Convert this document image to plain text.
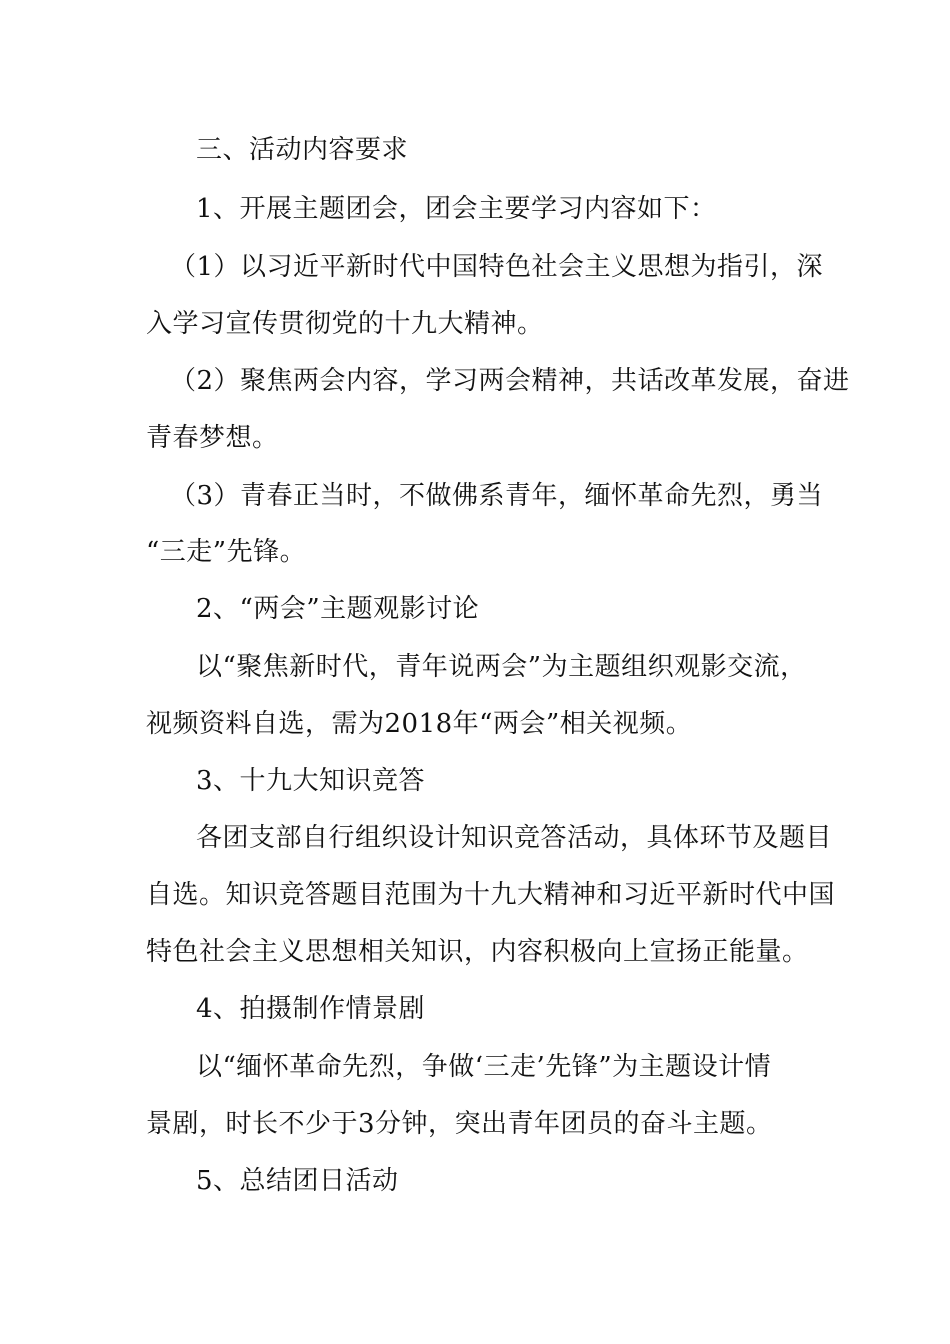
三、活动内容要求
1、开展主题团会，团会主要学习内容如下：
（1）以习近平新时代中国特色社会主义思想为指引，深
入学习宣传贯彻党的十九大精神。
（2）聚焦两会内容，学习两会精神，共话改革发展，奋进
青春梦想。
（3）青春正当时，不做佛系青年，缅怀革命先烈，勇当
“三走”先锋。
2、“两会”主题观影讨论
以“聚焦新时代，青年说两会”为主题组织观影交流，
视频资料自选，需为2018年“两会”相关视频。
3、十九大知识竞答
各团支部自行组织设计知识竞答活动，具体环节及题目
自选。知识竞答题目范围为十九大精神和习近平新时代中国
特色社会主义思想相关知识，内容积极向上宣扬正能量。
4、拍摄制作情景剧
以“缅怀革命先烈，争做‘三走’先锋”为主题设计情
景剧，时长不少于3分钟，突出青年团员的奋斗主题。
5、总结团日活动
